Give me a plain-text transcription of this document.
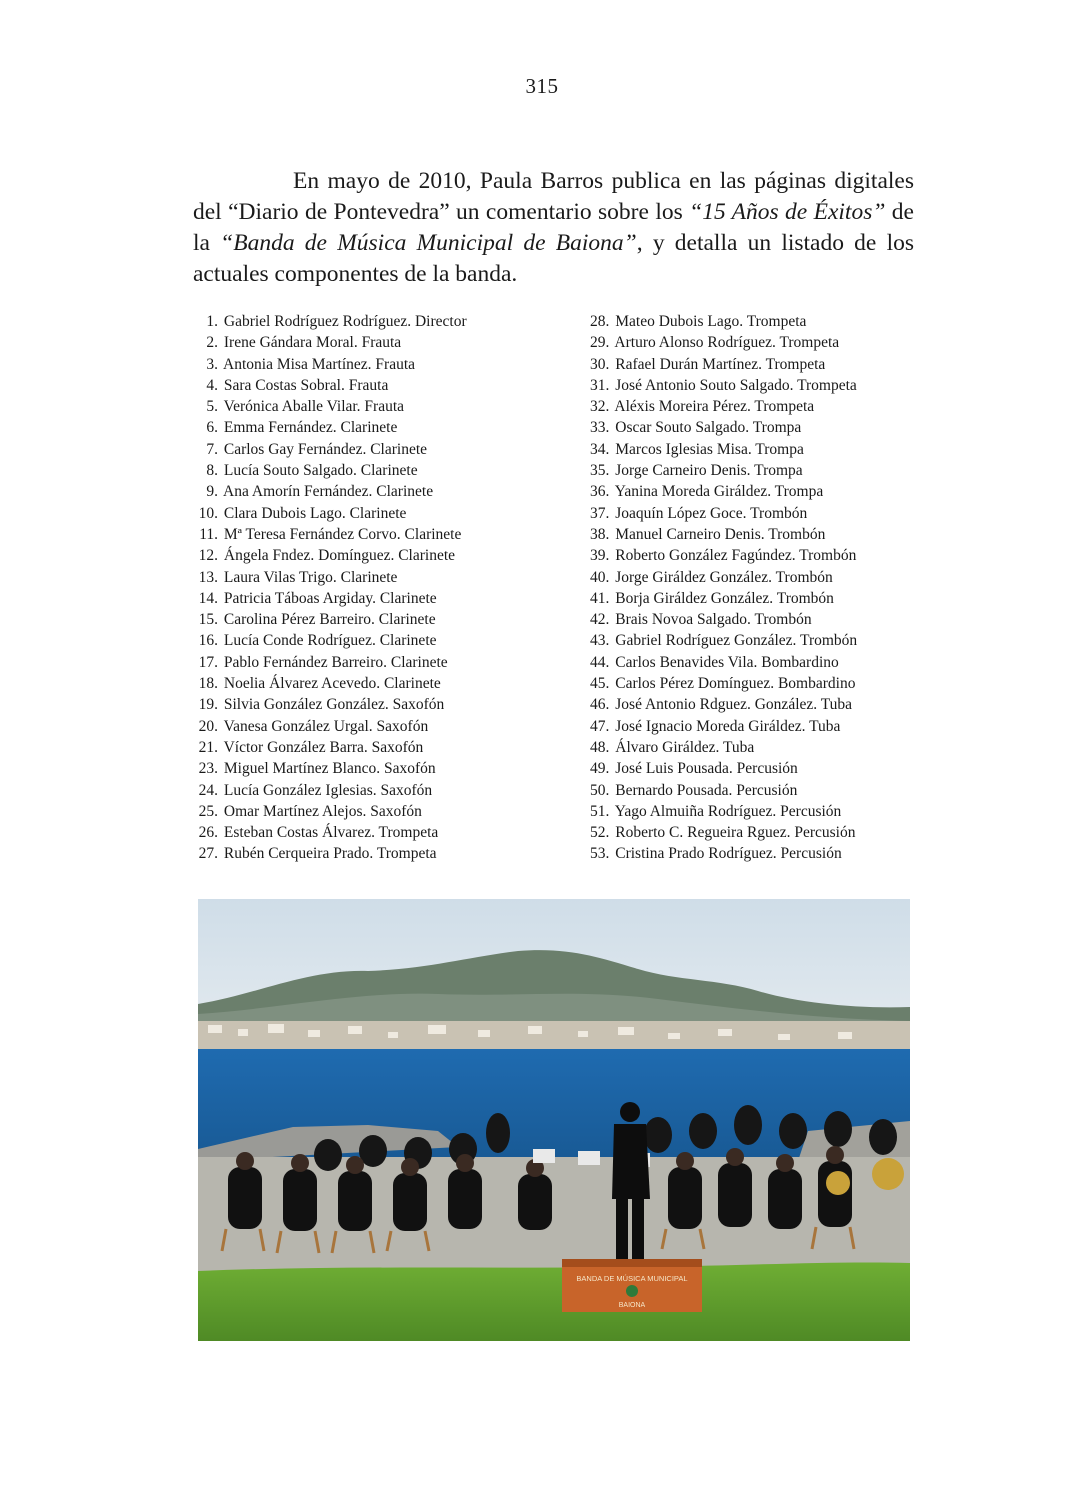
315

En mayo de 2010, Paula Barros publica en las páginas digitales del “Diario de Pontevedra” un comentario sobre los “15 Años de Éxitos” de la “Banda de Música Municipal de Baiona”, y detalla un listado de los actuales componentes de la banda.

1. Gabriel Rodríguez Rodríguez. Director
2. Irene Gándara Moral. Frauta
3. Antonia Misa Martínez. Frauta
4. Sara Costas Sobral. Frauta
5. Verónica Aballe Vilar. Frauta
6. Emma Fernández. Clarinete
7. Carlos Gay Fernández. Clarinete
8. Lucía Souto Salgado. Clarinete
9. Ana Amorín Fernández. Clarinete
10. Clara Dubois Lago. Clarinete
11. Mª Teresa Fernández Corvo. Clarinete
12. Ángela Fndez. Domínguez. Clarinete
13. Laura Vilas Trigo. Clarinete
14. Patricia Táboas Argiday. Clarinete
15. Carolina Pérez Barreiro. Clarinete
16. Lucía Conde Rodríguez. Clarinete
17. Pablo Fernández Barreiro. Clarinete
18. Noelia Álvarez Acevedo. Clarinete
19. Silvia González González. Saxofón
20. Vanesa González Urgal. Saxofón
21. Víctor González Barra. Saxofón
23. Miguel Martínez Blanco. Saxofón
24. Lucía González Iglesias. Saxofón
25. Omar Martínez Alejos. Saxofón
26. Esteban Costas Álvarez. Trompeta
27. Rubén Cerqueira Prado. Trompeta
28. Mateo Dubois Lago. Trompeta
29. Arturo Alonso Rodríguez. Trompeta
30. Rafael Durán Martínez. Trompeta
31. José Antonio Souto Salgado. Trompeta
32. Aléxis Moreira Pérez. Trompeta
33. Oscar Souto Salgado. Trompa
34. Marcos Iglesias Misa. Trompa
35. Jorge Carneiro Denis. Trompa
36. Yanina Moreda Giráldez. Trompa
37. Joaquín López Goce. Trombón
38. Manuel Carneiro Denis. Trombón
39. Roberto González Fagúndez. Trombón
40. Jorge Giráldez González. Trombón
41. Borja Giráldez González. Trombón
42. Brais Novoa Salgado. Trombón
43. Gabriel Rodríguez González. Trombón
44. Carlos Benavides Vila. Bombardino
45. Carlos Pérez Domínguez. Bombardino
46. José Antonio Rdguez. González. Tuba
47. José Ignacio Moreda Giráldez. Tuba
48. Álvaro Giráldez. Tuba
49. José Luis Pousada. Percusión
50. Bernardo Pousada. Percusión
51. Yago Almuiña Rodríguez. Percusión
52. Roberto C. Regueira Rguez. Percusión
53. Cristina Prado Rodríguez. Percusión
BANDA DE MÚSICA MUNICIPAL
BAIONA
